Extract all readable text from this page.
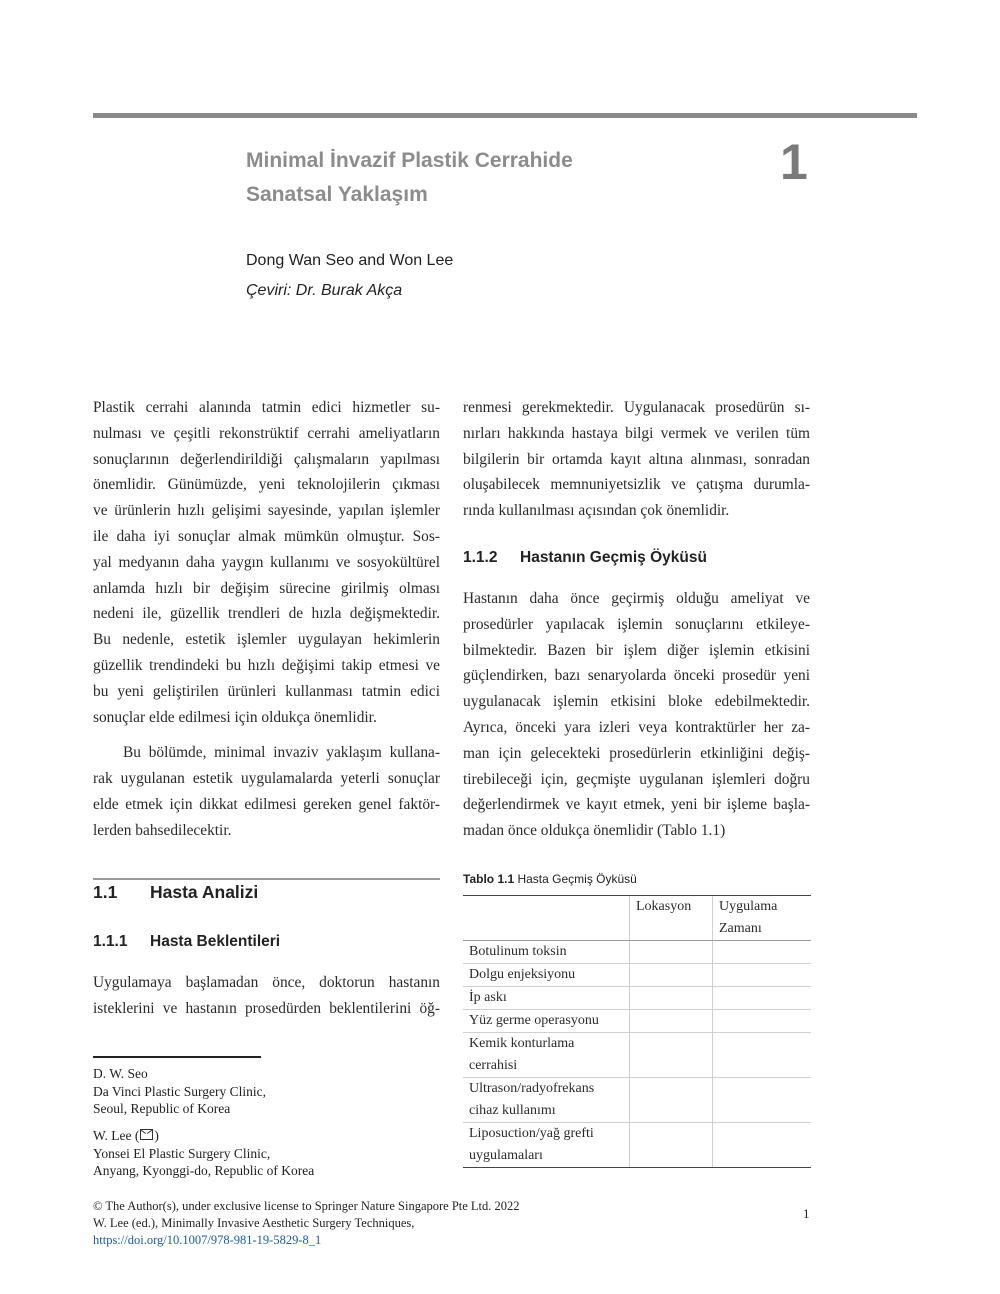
Minimal İnvazif Plastik Cerrahide
Sanatsal Yaklaşım
1
Dong Wan Seo and Won Lee
Çeviri: Dr. Burak Akça

Plastik cerrahi alanında tatmin edici hizmetler su-
nulması ve çeşitli rekonstrüktif cerrahi ameliyatların
sonuçlarının değerlendirildiği çalışmaların yapılması
önemlidir. Günümüzde, yeni teknolojilerin çıkması
ve ürünlerin hızlı gelişimi sayesinde, yapılan işlemler
ile daha iyi sonuçlar almak mümkün olmuştur. Sos-
yal medyanın daha yaygın kullanımı ve sosyokültürel
anlamda hızlı bir değişim sürecine girilmiş olması
nedeni ile, güzellik trendleri de hızla değişmektedir.
Bu nedenle, estetik işlemler uygulayan hekimlerin
güzellik trendindeki bu hızlı değişimi takip etmesi ve
bu yeni geliştirilen ürünleri kullanması tatmin edici
sonuçlar elde edilmesi için oldukça önemlidir.

Bu bölümde, minimal invaziv yaklaşım kullana-
rak uygulanan estetik uygulamalarda yeterli sonuçlar
elde etmek için dikkat edilmesi gereken genel faktör-
lerden bahsedilecektir.

1.1 Hasta Analizi
1.1.1 Hasta Beklentileri

Uygulamaya başlamadan önce, doktorun hastanın
isteklerini ve hastanın prosedürden beklentilerini öğ-

D. W. Seo
Da Vinci Plastic Surgery Clinic,
Seoul, Republic of Korea
W. Lee ( )
Yonsei El Plastic Surgery Clinic,
Anyang, Kyonggi-do, Republic of Korea

renmesi gerekmektedir. Uygulanacak prosedürün sı-
nırları hakkında hastaya bilgi vermek ve verilen tüm
bilgilerin bir ortamda kayıt altına alınması, sonradan
oluşabilecek memnuniyetsizlik ve çatışma durumla-
rında kullanılması açısından çok önemlidir.

1.1.2 Hastanın Geçmiş Öyküsü

Hastanın daha önce geçirmiş olduğu ameliyat ve
prosedürler yapılacak işlemin sonuçlarını etkileye-
bilmektedir. Bazen bir işlem diğer işlemin etkisini
güçlendirken, bazı senaryolarda önceki prosedür yeni
uygulanacak işlemin etkisini bloke edebilmektedir.
Ayrıca, önceki yara izleri veya kontraktürler her za-
man için gelecekteki prosedürlerin etkinliğini değiş-
tirebileceği için, geçmişte uygulanan işlemleri doğru
değerlendirmek ve kayıt etmek, yeni bir işleme başla-
madan önce oldukça önemlidir (Tablo 1.1)

Tablo 1.1 Hasta Geçmiş Öyküsü
	Lokasyon	Uygulama Zamanı
Botulinum toksin		
Dolgu enjeksiyonu		
İp askı		
Yüz germe operasyonu		
Kemik konturlama cerrahisi		
Ultrason/radyofrekans cihaz kullanımı		
Liposuction/yağ grefti uygulamaları		
© The Author(s), under exclusive license to Springer Nature Singapore Pte Ltd. 2022
W. Lee (ed.), Minimally Invasive Aesthetic Surgery Techniques,
https://doi.org/10.1007/978-981-19-5829-8_1
1
